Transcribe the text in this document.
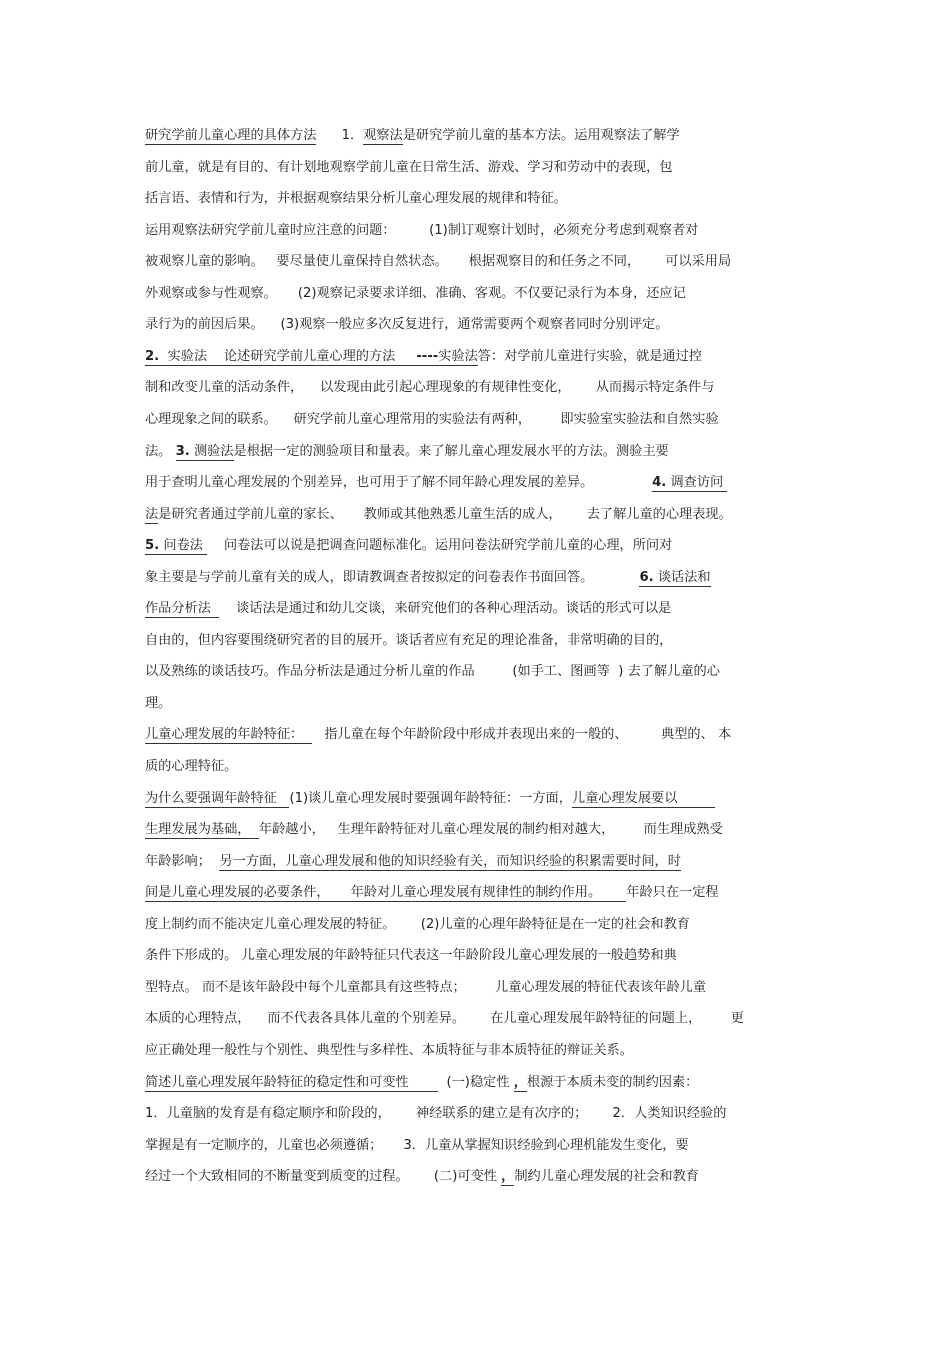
研究学前儿童心理的具体方法      1．观察法是研究学前儿童的基本方法。运用观察法了解学
前儿童，就是有目的、有计划地观察学前儿童在日常生活、游戏、学习和劳动中的表现，包
括言语、表情和行为，并根据观察结果分析儿童心理发展的规律和特征。
运用观察法研究学前儿童时应注意的问题：        (1)制订观察计划时，必须充分考虑到观察者对
被观察儿童的影响。   要尽量使儿童保持自然状态。     根据观察目的和任务之不同，      可以采用局
外观察或参与性观察。     (2)观察记录要求详细、准确、客观。不仅要记录行为本身，还应记
录行为的前因后果。    (3)观察一般应多次反复进行，通常需要两个观察者同时分别评定。
2.  实验法    论述研究学前儿童心理的方法     ----实验法答：对学前儿童进行实验，就是通过控
制和改变儿童的活动条件，    以发现由此引起心理现象的有规律性变化，      从而揭示特定条件与
心理现象之间的联系。    研究学前儿童心理常用的实验法有两种，       即实验室实验法和自然实验
法。 3. 测验法是根据一定的测验项目和量表。来了解儿童心理发展水平的方法。测验主要
用于查明儿童心理发展的个别差异，也可用于了解不同年龄心理发展的差异。              4. 调查访问
法是研究者通过学前儿童的家长、     教师或其他熟悉儿童生活的成人，      去了解儿童的心理表现。
5. 问卷法     问卷法可以说是把调查问题标准化。运用问卷法研究学前儿童的心理，所问对
象主要是与学前儿童有关的成人，即请教调查者按拟定的问卷表作书面回答。           6. 谈话法和
作品分析法      谈话法是通过和幼儿交谈，来研究他们的各种心理活动。谈话的形式可以是
自由的，但内容要围绕研究者的目的展开。谈话者应有充足的理论准备，非常明确的目的，
以及熟练的谈话技巧。作品分析法是通过分析儿童的作品         (如手工、图画等  ) 去了解儿童的心
理。
儿童心理发展的年龄特征：     指儿童在每个年龄阶段中形成并表现出来的一般的、        典型的、 本
质的心理特征。
为什么要强调年龄特征   (1)谈儿童心理发展时要强调年龄特征：一方面，儿童心理发展要以
生理发展为基础，  年龄越小，   生理年龄特征对儿童心理发展的制约相对越大，       而生理成熟受
年龄影响；  另一方面，儿童心理发展和他的知识经验有关，而知识经验的积累需要时间，时
间是儿童心理发展的必要条件，     年龄对儿童心理发展有规律性的制约作用。      年龄只在一定程
度上制约而不能决定儿童心理发展的特征。      (2)儿童的心理年龄特征是在一定的社会和教育
条件下形成的。 儿童心理发展的年龄特征只代表这一年龄阶段儿童心理发展的一般趋势和典
型特点。 而不是该年龄段中每个儿童都具有这些特点；       儿童心理发展的特征代表该年龄儿童
本质的心理特点，    而不代表各具体儿童的个别差异。      在儿童心理发展年龄特征的问题上，       更
应正确处理一般性与个别性、典型性与多样性、本质特征与非本质特征的辩证关系。
简述儿童心理发展年龄特征的稳定性和可变性         (一)稳定性 ，根源于本质未变的制约因素：
1．儿童脑的发育是有稳定顺序和阶段的，      神经联系的建立是有次序的；      2．人类知识经验的
掌握是有一定顺序的，儿童也必须遵循；     3．儿童从掌握知识经验到心理机能发生变化，要
经过一个大致相同的不断量变到质变的过程。      (二)可变性 ，制约儿童心理发展的社会和教育
